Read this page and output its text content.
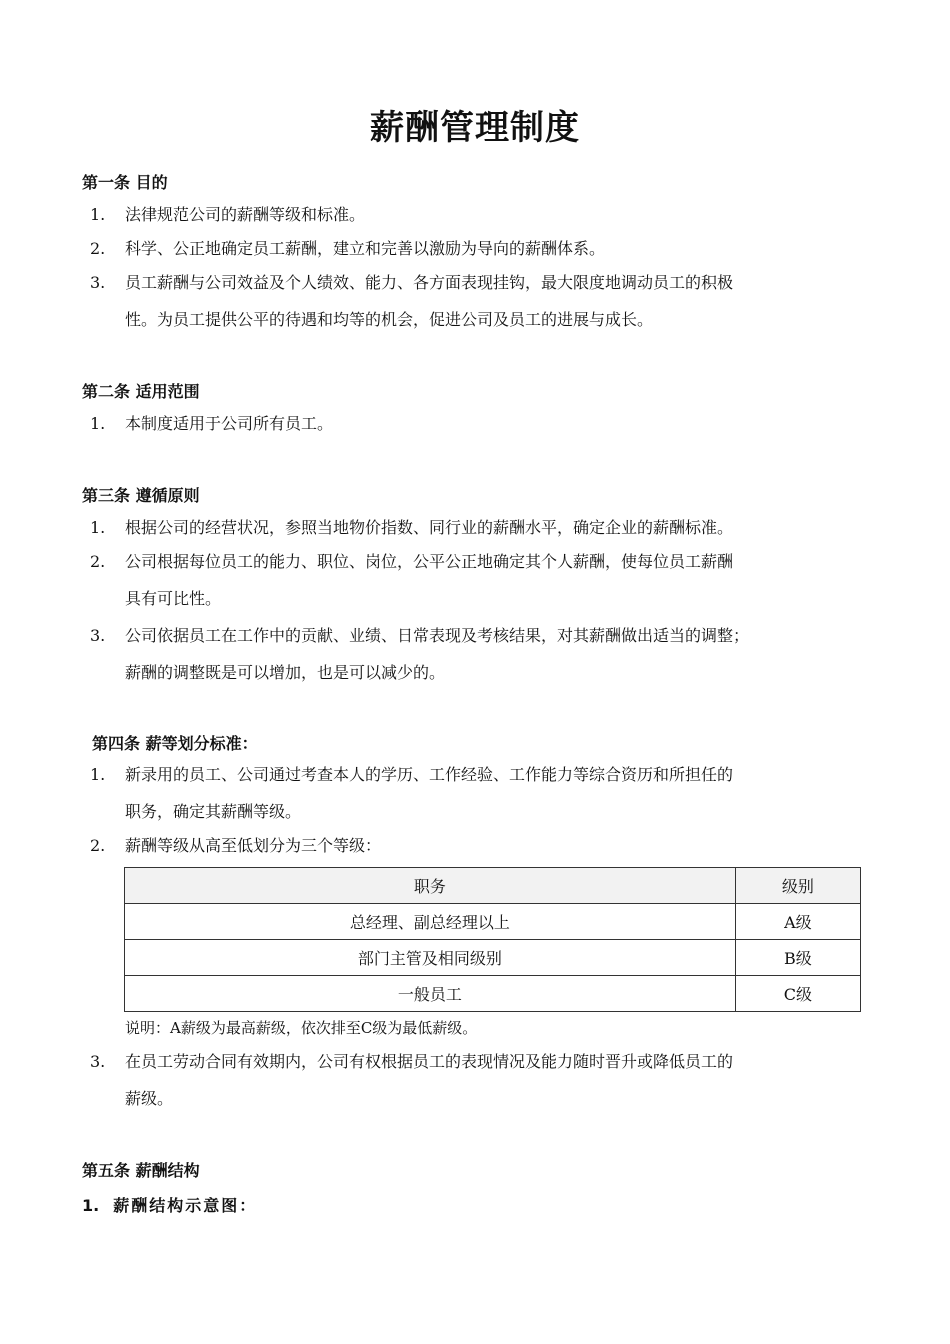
薪酬管理制度
第一条 目的
1.	法律规范公司的薪酬等级和标准。
2.	科学、公正地确定员工薪酬，建立和完善以激励为导向的薪酬体系。
3.	员工薪酬与公司效益及个人绩效、能力、各方面表现挂钩，最大限度地调动员工的积极
性。为员工提供公平的待遇和均等的机会，促进公司及员工的进展与成长。
第二条 适用范围
1.	本制度适用于公司所有员工。
第三条 遵循原则
1.	根据公司的经营状况，参照当地物价指数、同行业的薪酬水平，确定企业的薪酬标准。
2.	公司根据每位员工的能力、职位、岗位，公平公正地确定其个人薪酬，使每位员工薪酬
具有可比性。
3.	公司依据员工在工作中的贡献、业绩、日常表现及考核结果，对其薪酬做出适当的调整；
薪酬的调整既是可以增加，也是可以减少的。
第四条 薪等划分标准：
1.	新录用的员工、公司通过考查本人的学历、工作经验、工作能力等综合资历和所担任的
职务，确定其薪酬等级。
2.	薪酬等级从高至低划分为三个等级：
职务	级别
总经理、副总经理以上	A级
部门主管及相同级别	B级
一般员工	C级
说明：A薪级为最高薪级，依次排至C级为最低薪级。
3.	在员工劳动合同有效期内，公司有权根据员工的表现情况及能力随时晋升或降低员工的
薪级。
第五条 薪酬结构
1. 薪酬结构示意图：
